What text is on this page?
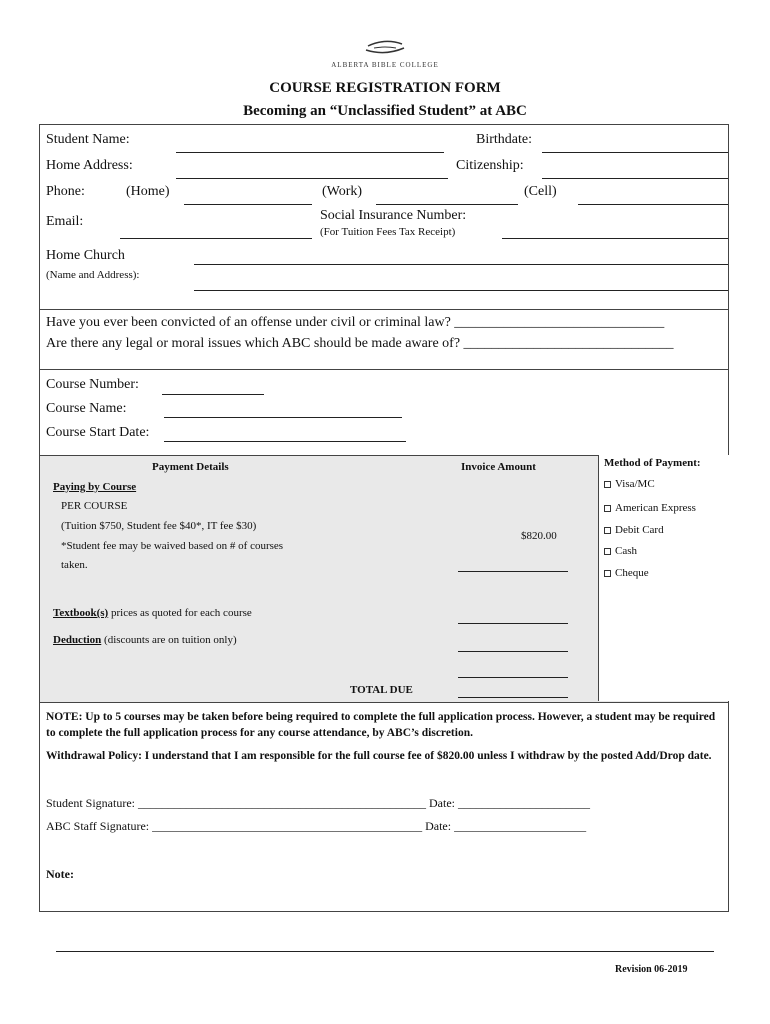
ALBERTA BIBLE COLLEGE
COURSE REGISTRATION FORM
Becoming an “Unclassified Student” at ABC
Student Name:	Birthdate:
Home Address:	Citizenship:
Phone:	(Home)	(Work)	(Cell)
Email:	Social Insurance Number:
(For Tuition Fees Tax Receipt)
Home Church
(Name and Address):
Have you ever been convicted of an offense under civil or criminal law? ______________________________
Are there any legal or moral issues which ABC should be made aware of? ______________________________
Course Number:
Course Name:
Course Start Date:
Payment Details	Invoice Amount	Method of Payment:
Paying by Course
PER COURSE
(Tuition $750, Student fee $40*, IT fee $30)
*Student fee may be waived based on # of courses
taken.
$820.00
Textbook(s) prices as quoted for each course
Deduction (discounts are on tuition only)
TOTAL DUE
Visa/MC
American Express
Debit Card
Cash
Cheque
NOTE: Up to 5 courses may be taken before being required to complete the full application process. However, a student may be required to complete the full application process for any course attendance, by ABC’s discretion.
Withdrawal Policy: I understand that I am responsible for the full course fee of $820.00 unless I withdraw by the posted Add/Drop date.
Student Signature: ________________________________________________ Date: ______________________
ABC Staff Signature: _____________________________________________ Date: ______________________
Note:
Revision 06-2019
